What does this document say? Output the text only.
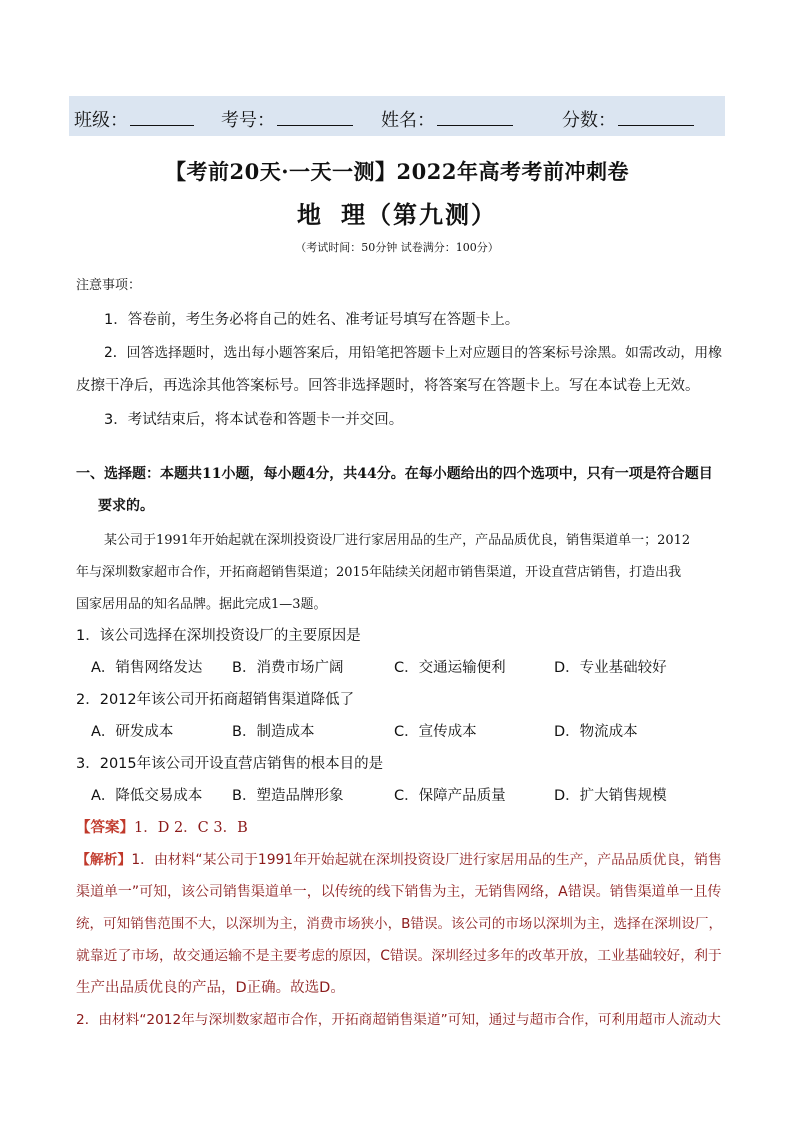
班级：	考号：	姓名：	分数：
【考前20天·一天一测】2022年高考考前冲刺卷
地 理（第九测）
（考试时间：50分钟 试卷满分：100分）
注意事项：
1．答卷前，考生务必将自己的姓名、准考证号填写在答题卡上。
2．回答选择题时，选出每小题答案后，用铅笔把答题卡上对应题目的答案标号涂黑。如需改动，用橡
皮擦干净后，再选涂其他答案标号。回答非选择题时，将答案写在答题卡上。写在本试卷上无效。
3．考试结束后，将本试卷和答题卡一并交回。
一、选择题：本题共11小题，每小题4分，共44分。在每小题给出的四个选项中，只有一项是符合题目
要求的。
某公司于1991年开始起就在深圳投资设厂进行家居用品的生产，产品品质优良，销售渠道单一；2012
年与深圳数家超市合作，开拓商超销售渠道；2015年陆续关闭超市销售渠道，开设直营店销售，打造出我
国家居用品的知名品牌。据此完成1—3题。
1．该公司选择在深圳投资设厂的主要原因是
A．销售网络发达 B．消费市场广阔	C．交通运输便利	D．专业基础较好
2．2012年该公司开拓商超销售渠道降低了
A．研发成本	B．制造成本	C．宣传成本	D．物流成本
3．2015年该公司开设直营店销售的根本目的是
A．降低交易成本 B．塑造品牌形象	C．保障产品质量	D．扩大销售规模
【答案】1．D 2．C 3．B
【解析】1．由材料“某公司于1991年开始起就在深圳投资设厂进行家居用品的生产，产品品质优良，销售
渠道单一”可知，该公司销售渠道单一，以传统的线下销售为主，无销售网络，A错误。销售渠道单一且传
统，可知销售范围不大，以深圳为主，消费市场狭小，B错误。该公司的市场以深圳为主，选择在深圳设厂，
就靠近了市场，故交通运输不是主要考虑的原因，C错误。深圳经过多年的改革开放，工业基础较好，利于
生产出品质优良的产品，D正确。故选D。
2．由材料“2012年与深圳数家超市合作，开拓商超销售渠道”可知，通过与超市合作，可利用超市人流动大
